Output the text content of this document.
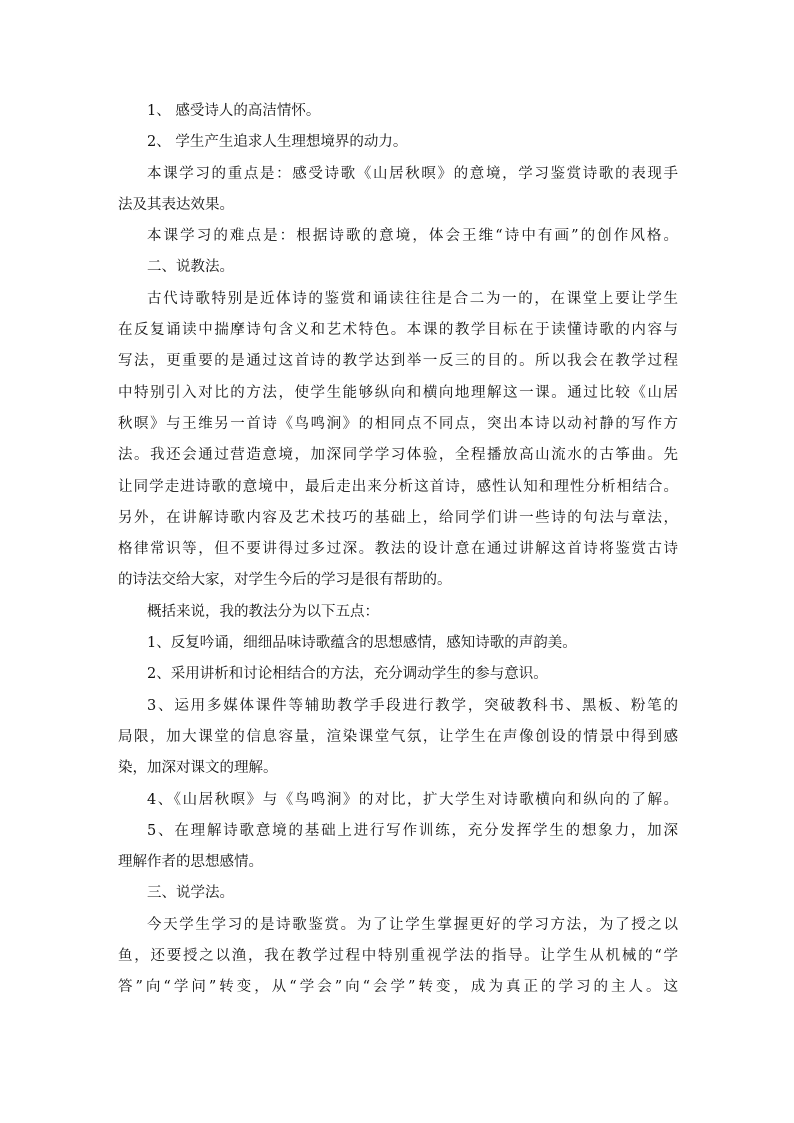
1、 感受诗人的高洁情怀。
2、 学生产生追求人生理想境界的动力。
本课学习的重点是：感受诗歌《山居秋暝》的意境，学习鉴赏诗歌的表现手
法及其表达效果。
本课学习的难点是：根据诗歌的意境，体会王维“诗中有画”的创作风格。
二、说教法。
古代诗歌特别是近体诗的鉴赏和诵读往往是合二为一的，在课堂上要让学生
在反复诵读中揣摩诗句含义和艺术特色。本课的教学目标在于读懂诗歌的内容与
写法，更重要的是通过这首诗的教学达到举一反三的目的。所以我会在教学过程
中特别引入对比的方法，使学生能够纵向和横向地理解这一课。通过比较《山居
秋暝》与王维另一首诗《鸟鸣涧》的相同点不同点，突出本诗以动衬静的写作方
法。我还会通过营造意境，加深同学学习体验，全程播放高山流水的古筝曲。先
让同学走进诗歌的意境中，最后走出来分析这首诗，感性认知和理性分析相结合。
另外，在讲解诗歌内容及艺术技巧的基础上，给同学们讲一些诗的句法与章法，
格律常识等，但不要讲得过多过深。教法的设计意在通过讲解这首诗将鉴赏古诗
的诗法交给大家，对学生今后的学习是很有帮助的。
概括来说，我的教法分为以下五点：
1、反复吟诵，细细品味诗歌蕴含的思想感情，感知诗歌的声韵美。
2、采用讲析和讨论相结合的方法，充分调动学生的参与意识。
3、运用多媒体课件等辅助教学手段进行教学，突破教科书、黑板、粉笔的
局限，加大课堂的信息容量，渲染课堂气氛，让学生在声像创设的情景中得到感
染，加深对课文的理解。
4、《山居秋暝》与《鸟鸣涧》的对比，扩大学生对诗歌横向和纵向的了解。
5、在理解诗歌意境的基础上进行写作训练，充分发挥学生的想象力，加深
理解作者的思想感情。
三、说学法。
今天学生学习的是诗歌鉴赏。为了让学生掌握更好的学习方法，为了授之以
鱼，还要授之以渔，我在教学过程中特别重视学法的指导。让学生从机械的“学
答”向“学问”转变，从“学会”向“会学”转变，成为真正的学习的主人。这
